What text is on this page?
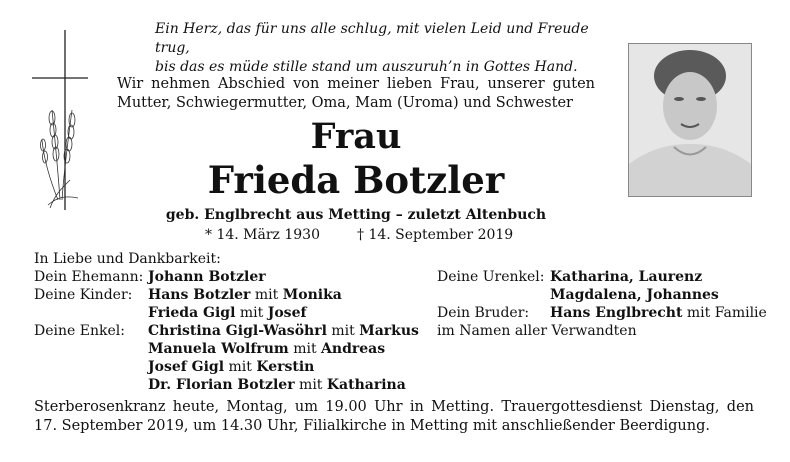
Ein Herz, das für uns alle schlug, mit vielen Leid und Freude trug,
bis das es müde stille stand um auszuruh’n in Gottes Hand.
Wir nehmen Abschied von meiner lieben Frau, unserer guten
Mutter, Schwiegermutter, Oma, Mam (Uroma) und Schwester
Frau
Frieda Botzler
geb. Englbrecht aus Metting – zuletzt Altenbuch
* 14. März 1930	† 14. September 2019
In Liebe und Dankbarkeit:
Dein Ehemann: Johann Botzler
Deine Kinder: Hans Botzler mit Monika
Frieda Gigl mit Josef
Deine Enkel: Christina Gigl-Wasöhrl mit Markus
Manuela Wolfrum mit Andreas
Josef Gigl mit Kerstin
Dr. Florian Botzler mit Katharina
Deine Urenkel: Katharina, Laurenz
Magdalena, Johannes
Dein Bruder: Hans Englbrecht mit Familie
im Namen aller Verwandten
Sterberosenkranz heute, Montag, um 19.00 Uhr in Metting. Trauergottesdienst Dienstag, den 17. September 2019, um 14.30 Uhr, Filialkirche in Metting mit anschließender Beerdigung.
